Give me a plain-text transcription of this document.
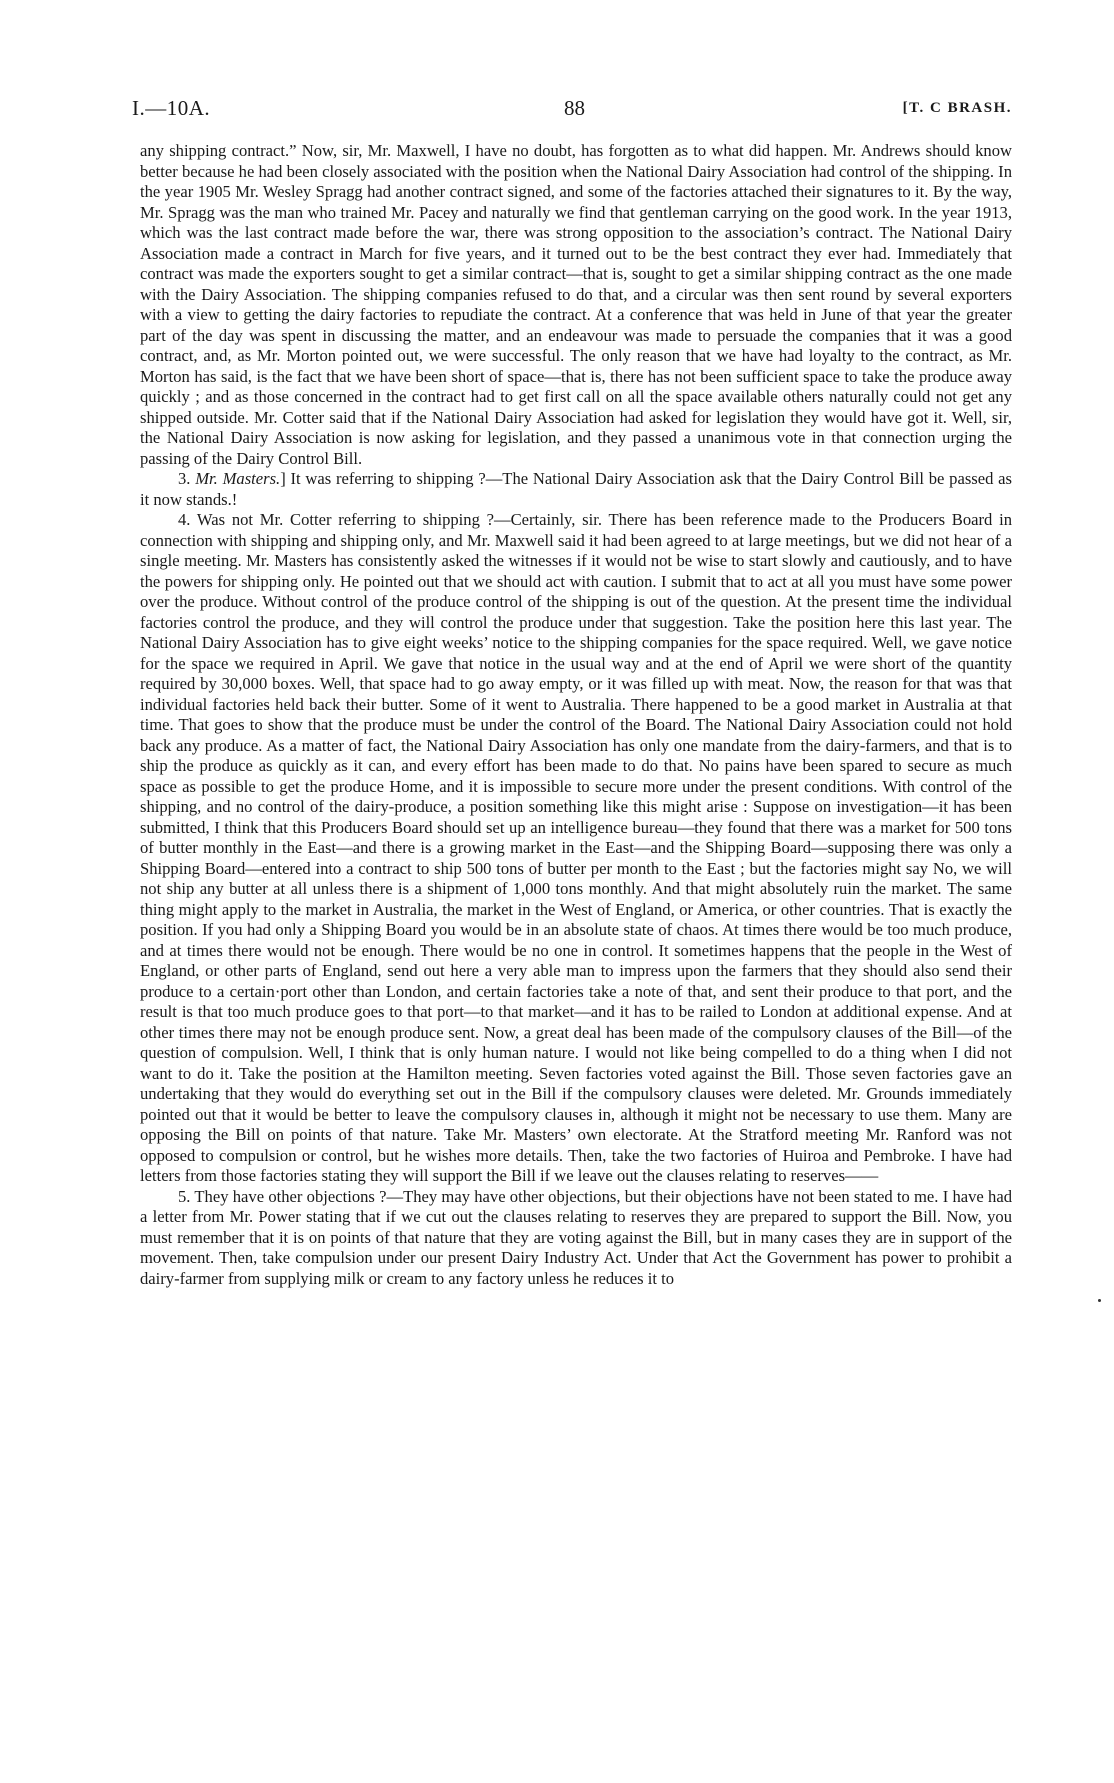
I.—10A.	88	[T. C BRASH.

any shipping contract.” Now, sir, Mr. Maxwell, I have no doubt, has forgotten as to what did happen. Mr. Andrews should know better because he had been closely associated with the position when the National Dairy Association had control of the shipping. In the year 1905 Mr. Wesley Spragg had another contract signed, and some of the factories attached their signatures to it. By the way, Mr. Spragg was the man who trained Mr. Pacey and naturally we find that gentleman carrying on the good work. In the year 1913, which was the last contract made before the war, there was strong opposition to the association’s contract. The National Dairy Association made a contract in March for five years, and it turned out to be the best contract they ever had. Immediately that contract was made the exporters sought to get a similar contract—that is, sought to get a similar shipping contract as the one made with the Dairy Association. The shipping companies refused to do that, and a circular was then sent round by several exporters with a view to getting the dairy factories to repudiate the contract. At a conference that was held in June of that year the greater part of the day was spent in discussing the matter, and an endeavour was made to persuade the companies that it was a good contract, and, as Mr. Morton pointed out, we were successful. The only reason that we have had loyalty to the contract, as Mr. Morton has said, is the fact that we have been short of space—that is, there has not been sufficient space to take the produce away quickly ; and as those concerned in the contract had to get first call on all the space available others naturally could not get any shipped outside. Mr. Cotter said that if the National Dairy Association had asked for legislation they would have got it. Well, sir, the National Dairy Association is now asking for legislation, and they passed a unanimous vote in that connection urging the passing of the Dairy Control Bill.

3. Mr. Masters.] It was referring to shipping ?—The National Dairy Association ask that the Dairy Control Bill be passed as it now stands.!

4. Was not Mr. Cotter referring to shipping ?—Certainly, sir. There has been reference made to the Producers Board in connection with shipping and shipping only, and Mr. Maxwell said it had been agreed to at large meetings, but we did not hear of a single meeting. Mr. Masters has consistently asked the witnesses if it would not be wise to start slowly and cautiously, and to have the powers for shipping only. He pointed out that we should act with caution. I submit that to act at all you must have some power over the produce. Without control of the produce control of the shipping is out of the question. At the present time the individual factories control the produce, and they will control the produce under that suggestion. Take the position here this last year. The National Dairy Association has to give eight weeks’ notice to the shipping companies for the space required. Well, we gave notice for the space we required in April. We gave that notice in the usual way and at the end of April we were short of the quantity required by 30,000 boxes. Well, that space had to go away empty, or it was filled up with meat. Now, the reason for that was that individual factories held back their butter. Some of it went to Australia. There happened to be a good market in Australia at that time. That goes to show that the produce must be under the control of the Board. The National Dairy Association could not hold back any produce. As a matter of fact, the National Dairy Association has only one mandate from the dairy-farmers, and that is to ship the produce as quickly as it can, and every effort has been made to do that. No pains have been spared to secure as much space as possible to get the produce Home, and it is impossible to secure more under the present conditions. With control of the shipping, and no control of the dairy-produce, a position something like this might arise : Suppose on investigation—it has been submitted, I think that this Producers Board should set up an intelligence bureau—they found that there was a market for 500 tons of butter monthly in the East—and there is a growing market in the East—and the Shipping Board—supposing there was only a Shipping Board—entered into a contract to ship 500 tons of butter per month to the East ; but the factories might say No, we will not ship any butter at all unless there is a shipment of 1,000 tons monthly. And that might absolutely ruin the market. The same thing might apply to the market in Australia, the market in the West of England, or America, or other countries. That is exactly the position. If you had only a Shipping Board you would be in an absolute state of chaos. At times there would be too much produce, and at times there would not be enough. There would be no one in control. It sometimes happens that the people in the West of England, or other parts of England, send out here a very able man to impress upon the farmers that they should also send their produce to a certain·port other than London, and certain factories take a note of that, and sent their produce to that port, and the result is that too much produce goes to that port—to that market—and it has to be railed to London at additional expense. And at other times there may not be enough produce sent. Now, a great deal has been made of the compulsory clauses of the Bill—of the question of compulsion. Well, I think that is only human nature. I would not like being compelled to do a thing when I did not want to do it. Take the position at the Hamilton meeting. Seven factories voted against the Bill. Those seven factories gave an undertaking that they would do everything set out in the Bill if the compulsory clauses were deleted. Mr. Grounds immediately pointed out that it would be better to leave the compulsory clauses in, although it might not be necessary to use them. Many are opposing the Bill on points of that nature. Take Mr. Masters’ own electorate. At the Stratford meeting Mr. Ranford was not opposed to compulsion or control, but he wishes more details. Then, take the two factories of Huiroa and Pembroke. I have had letters from those factories stating they will support the Bill if we leave out the clauses relating to reserves——

5. They have other objections ?—They may have other objections, but their objections have not been stated to me. I have had a letter from Mr. Power stating that if we cut out the clauses relating to reserves they are prepared to support the Bill. Now, you must remember that it is on points of that nature that they are voting against the Bill, but in many cases they are in support of the movement. Then, take compulsion under our present Dairy Industry Act. Under that Act the Government has power to prohibit a dairy-farmer from supplying milk or cream to any factory unless he reduces it to
